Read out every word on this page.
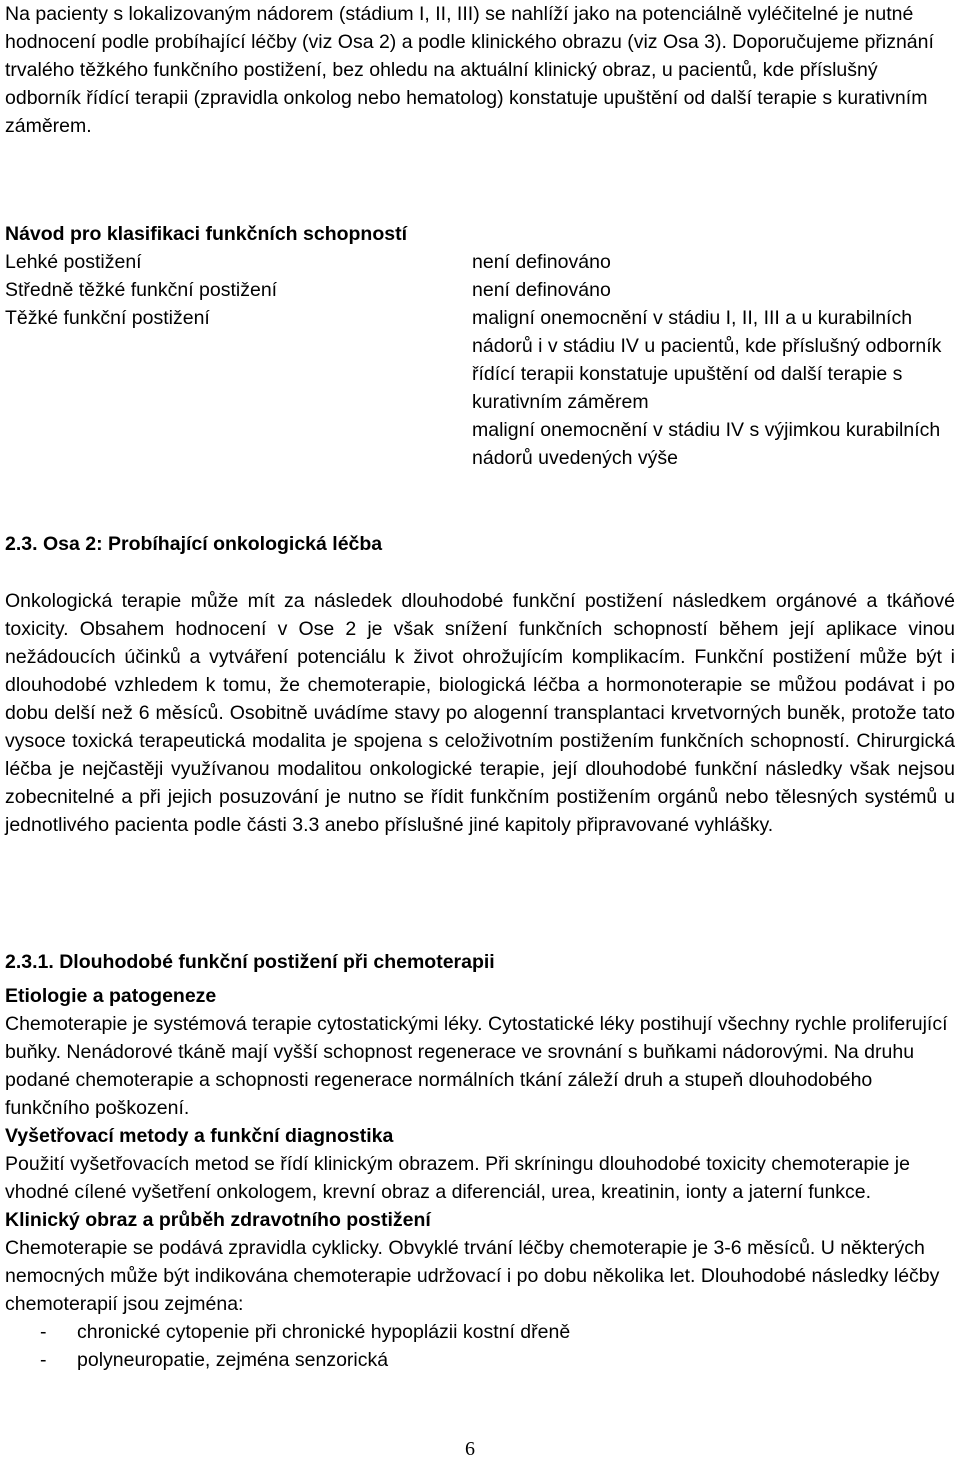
Na pacienty s lokalizovaným nádorem (stádium I, II, III) se nahlíží jako na potenciálně vyléčitelné je nutné hodnocení podle probíhající léčby (viz Osa 2) a podle klinického obrazu (viz Osa 3). Doporučujeme přiznání trvalého těžkého funkčního postižení, bez ohledu na aktuální klinický obraz, u pacientů, kde příslušný odborník řídící terapii (zpravidla onkolog nebo hematolog) konstatuje upuštění od další terapie s kurativním záměrem.

Návod pro klasifikaci funkčních schopností
Lehké postižení	není definováno
Středně těžké funkční postižení	není definováno
Těžké funkční postižení	maligní onemocnění v stádiu I, II, III a u kurabilních nádorů i v stádiu IV u pacientů, kde příslušný odborník řídící terapii konstatuje upuštění od další terapie s kurativním záměrem
maligní onemocnění v stádiu IV s výjimkou kurabilních nádorů uvedených výše
2.3. Osa 2: Probíhající onkologická léčba

Onkologická terapie může mít za následek dlouhodobé funkční postižení následkem orgánové a tkáňové toxicity. Obsahem hodnocení v Ose 2 je však snížení funkčních schopností během její aplikace vinou nežádoucích účinků a vytváření potenciálu k život ohrožujícím komplikacím. Funkční postižení může být i dlouhodobé vzhledem k tomu, že chemoterapie, biologická léčba a hormonoterapie se můžou podávat i po dobu delší než 6 měsíců. Osobitně uvádíme stavy po alogenní transplantaci krvetvorných buněk, protože tato vysoce toxická terapeutická modalita je spojena s celoživotním postižením funkčních schopností. Chirurgická léčba je nejčastěji využívanou modalitou onkologické terapie, její dlouhodobé funkční následky však nejsou zobecnitelné a při jejich posuzování je nutno se řídit funkčním postižením orgánů nebo tělesných systémů u jednotlivého pacienta podle části 3.3 anebo příslušné jiné kapitoly připravované vyhlášky.

2.3.1. Dlouhodobé funkční postižení při chemoterapii

Etiologie a patogeneze

Chemoterapie je systémová terapie cytostatickými léky. Cytostatické léky postihují všechny rychle proliferující buňky. Nenádorové tkáně mají vyšší schopnost regenerace ve srovnání s buňkami nádorovými. Na druhu podané chemoterapie a schopnosti regenerace normálních tkání záleží druh a stupeň dlouhodobého funkčního poškození.

Vyšetřovací metody a funkční diagnostika

Použití vyšetřovacích metod se řídí klinickým obrazem. Při skríningu dlouhodobé toxicity chemoterapie je vhodné cílené vyšetření onkologem, krevní obraz a diferenciál, urea, kreatinin, ionty a jaterní funkce.

Klinický obraz a průběh zdravotního postižení

Chemoterapie se podává zpravidla cyklicky. Obvyklé trvání léčby chemoterapie je 3-6 měsíců. U některých nemocných může být indikována chemoterapie udržovací i po dobu několika let. Dlouhodobé následky léčby chemoterapií jsou zejména:

- chronické cytopenie při chronické hypoplázii kostní dřeně
- polyneuropatie, zejména senzorická
6
